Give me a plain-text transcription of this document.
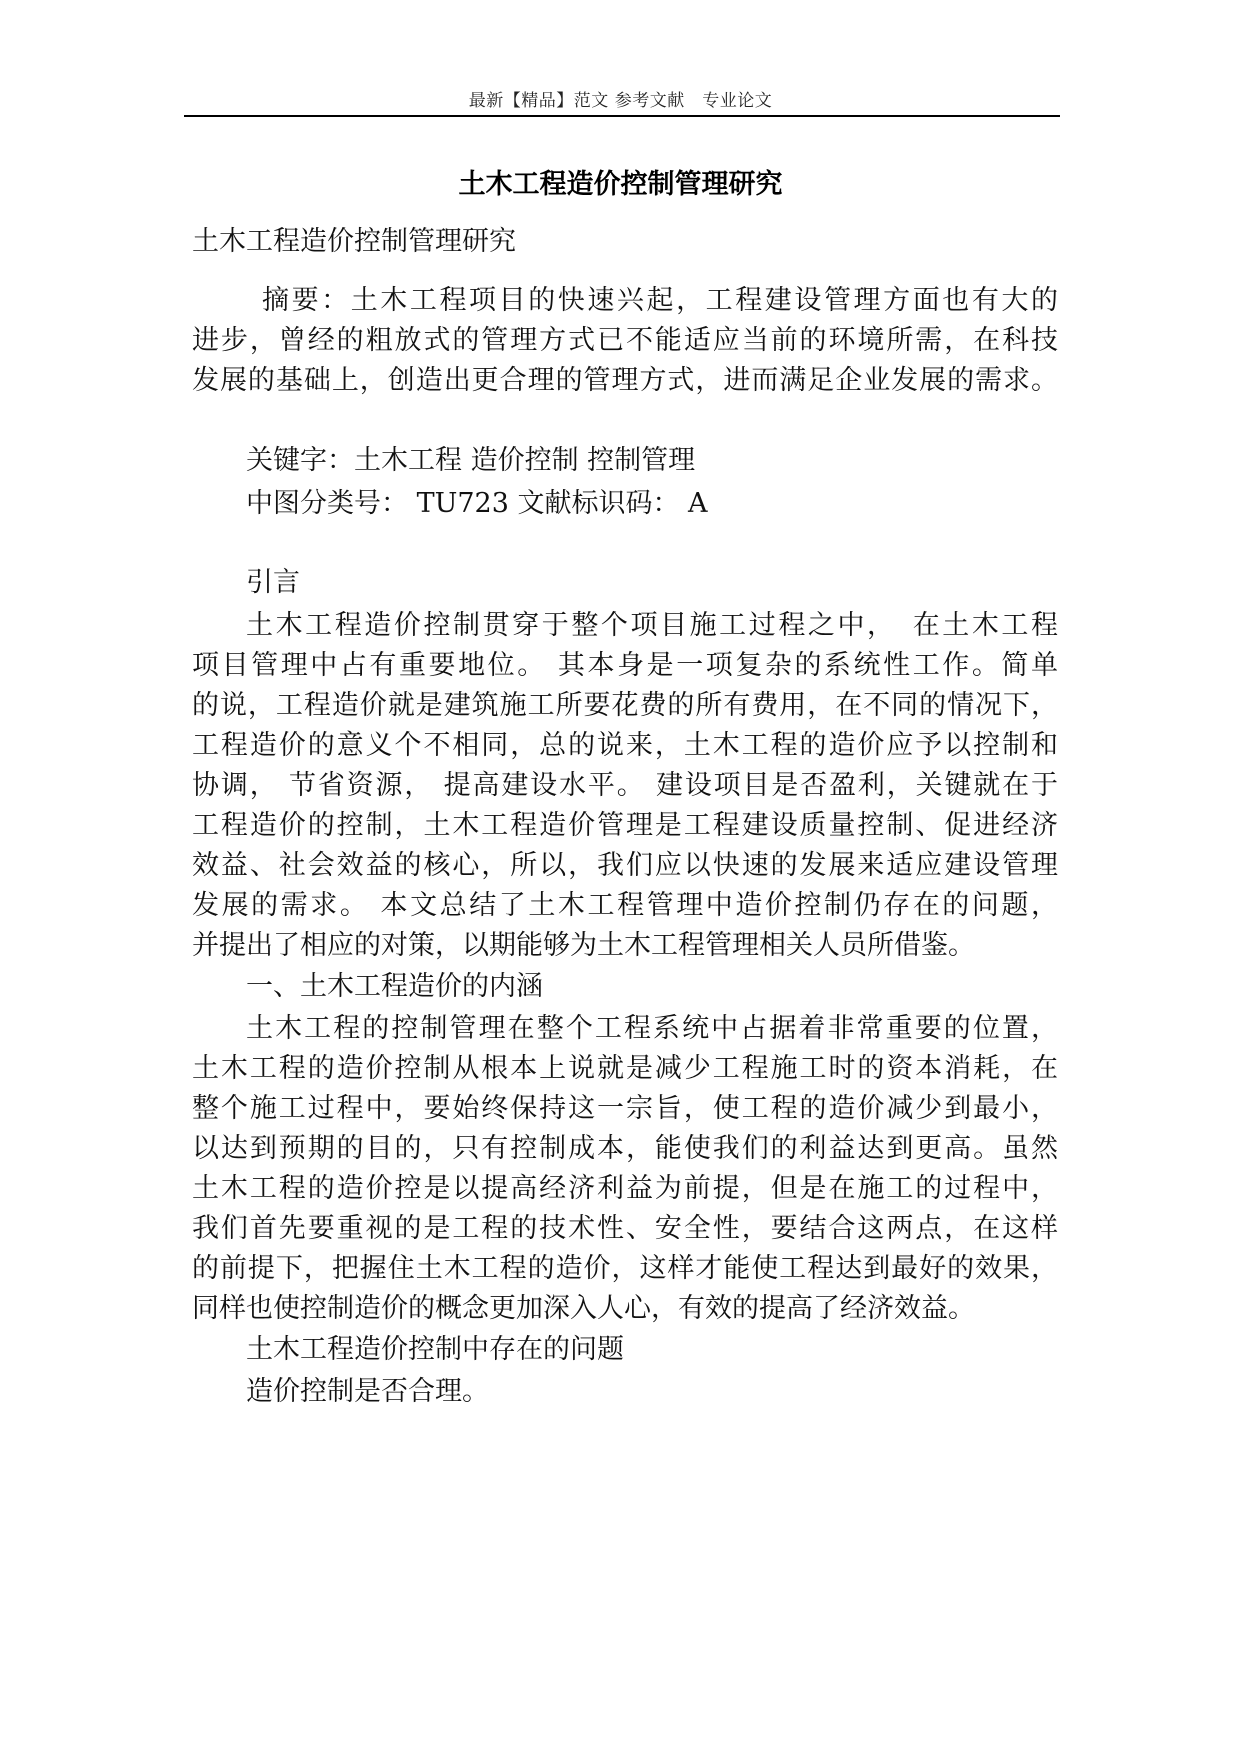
最新【精品】范文 参考文献　专业论文
土木工程造价控制管理研究
土木工程造价控制管理研究
摘要：土木工程项目的快速兴起，工程建设管理方面也有大的
进步，曾经的粗放式的管理方式已不能适应当前的环境所需，在科技
发展的基础上，创造出更合理的管理方式，进而满足企业发展的需求。
关键字：土木工程 造价控制 控制管理
中图分类号： TU723 文献标识码： A
引言
土木工程造价控制贯穿于整个项目施工过程之中，　在土木工程
项目管理中占有重要地位。 其本身是一项复杂的系统性工作。简单
的说，工程造价就是建筑施工所要花费的所有费用，在不同的情况下，
工程造价的意义个不相同，总的说来，土木工程的造价应予以控制和
协调， 节省资源， 提高建设水平。 建设项目是否盈利，关键就在于
工程造价的控制，土木工程造价管理是工程建设质量控制、促进经济
效益、社会效益的核心，所以，我们应以快速的发展来适应建设管理
发展的需求。 本文总结了土木工程管理中造价控制仍存在的问题，
并提出了相应的对策，以期能够为土木工程管理相关人员所借鉴。
一、土木工程造价的内涵
土木工程的控制管理在整个工程系统中占据着非常重要的位置，
土木工程的造价控制从根本上说就是减少工程施工时的资本消耗，在
整个施工过程中，要始终保持这一宗旨，使工程的造价减少到最小，
以达到预期的目的，只有控制成本，能使我们的利益达到更高。虽然
土木工程的造价控是以提高经济利益为前提，但是在施工的过程中，
我们首先要重视的是工程的技术性、安全性，要结合这两点，在这样
的前提下，把握住土木工程的造价，这样才能使工程达到最好的效果，
同样也使控制造价的概念更加深入人心，有效的提高了经济效益。
土木工程造价控制中存在的问题
造价控制是否合理。
